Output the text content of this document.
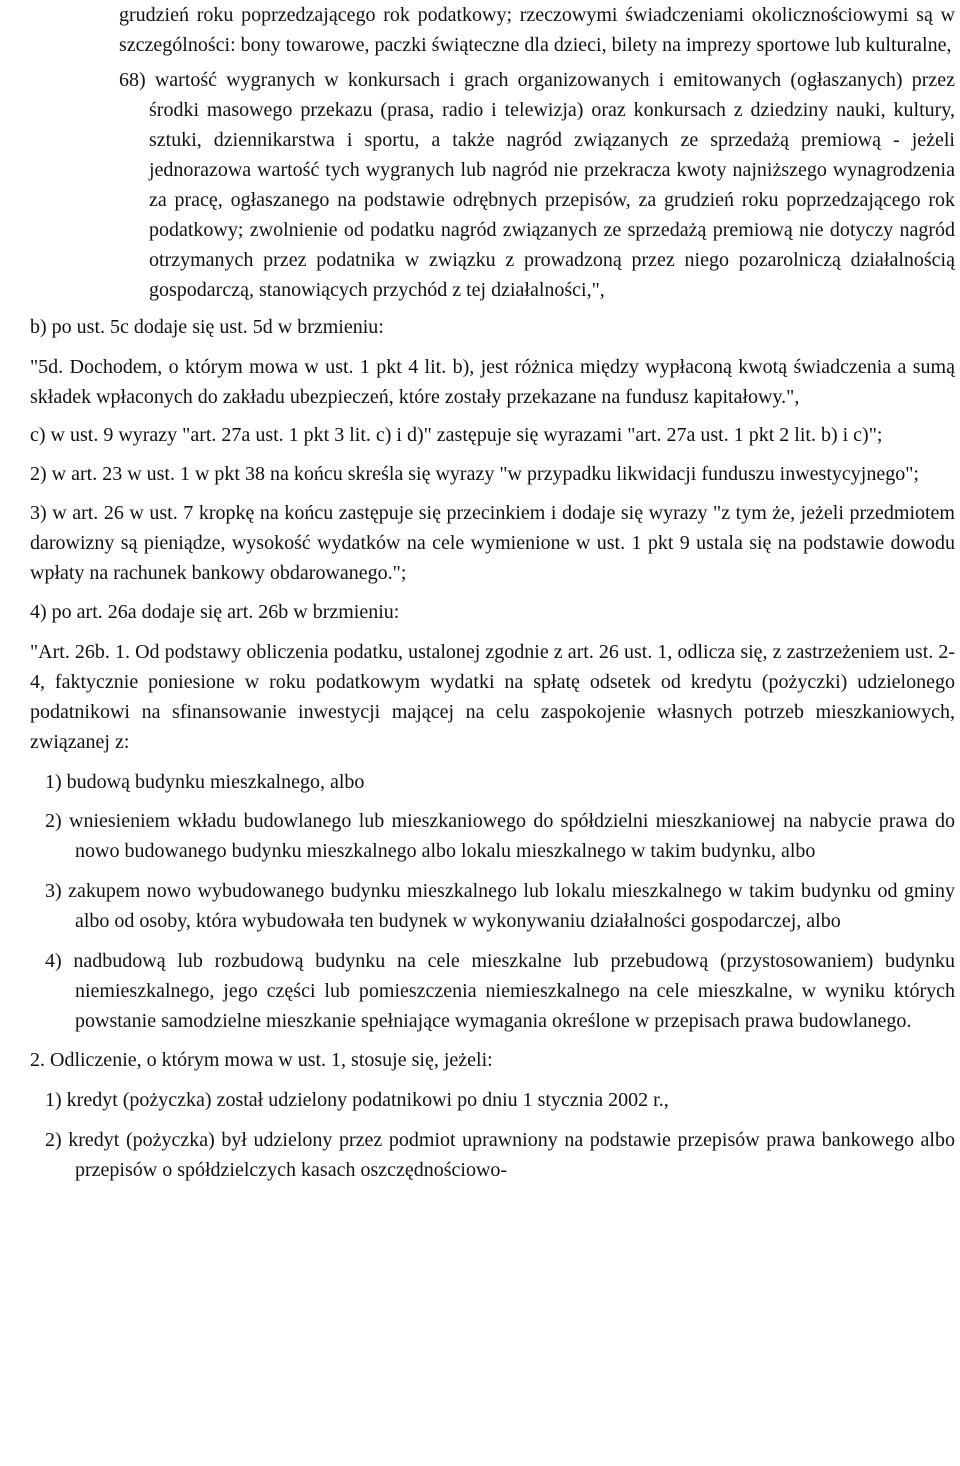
grudzień roku poprzedzającego rok podatkowy; rzeczowymi świadczeniami okolicznościowymi są w szczególności: bony towarowe, paczki świąteczne dla dzieci, bilety na imprezy sportowe lub kulturalne,

68) wartość wygranych w konkursach i grach organizowanych i emitowanych (ogłaszanych) przez środki masowego przekazu (prasa, radio i telewizja) oraz konkursach z dziedziny nauki, kultury, sztuki, dziennikarstwa i sportu, a także nagród związanych ze sprzedażą premiową - jeżeli jednorazowa wartość tych wygranych lub nagród nie przekracza kwoty najniższego wynagrodzenia za pracę, ogłaszanego na podstawie odrębnych przepisów, za grudzień roku poprzedzającego rok podatkowy; zwolnienie od podatku nagród związanych ze sprzedażą premiową nie dotyczy nagród otrzymanych przez podatnika w związku z prowadzoną przez niego pozarolniczą działalnością gospodarczą, stanowiących przychód z tej działalności,",

b) po ust. 5c dodaje się ust. 5d w brzmieniu:

"5d. Dochodem, o którym mowa w ust. 1 pkt 4 lit. b), jest różnica między wypłaconą kwotą świadczenia a sumą składek wpłaconych do zakładu ubezpieczeń, które zostały przekazane na fundusz kapitałowy.",

c) w ust. 9 wyrazy "art. 27a ust. 1 pkt 3 lit. c) i d)" zastępuje się wyrazami "art. 27a ust. 1 pkt 2 lit. b) i c)";

2) w art. 23 w ust. 1 w pkt 38 na końcu skreśla się wyrazy "w przypadku likwidacji funduszu inwestycyjnego";

3) w art. 26 w ust. 7 kropkę na końcu zastępuje się przecinkiem i dodaje się wyrazy "z tym że, jeżeli przedmiotem darowizny są pieniądze, wysokość wydatków na cele wymienione w ust. 1 pkt 9 ustala się na podstawie dowodu wpłaty na rachunek bankowy obdarowanego.";

4) po art. 26a dodaje się art. 26b w brzmieniu:

"Art. 26b. 1. Od podstawy obliczenia podatku, ustalonej zgodnie z art. 26 ust. 1, odlicza się, z zastrzeżeniem ust. 2-4, faktycznie poniesione w roku podatkowym wydatki na spłatę odsetek od kredytu (pożyczki) udzielonego podatnikowi na sfinansowanie inwestycji mającej na celu zaspokojenie własnych potrzeb mieszkaniowych, związanej z:

1) budową budynku mieszkalnego, albo

2) wniesieniem wkładu budowlanego lub mieszkaniowego do spółdzielni mieszkaniowej na nabycie prawa do nowo budowanego budynku mieszkalnego albo lokalu mieszkalnego w takim budynku, albo

3) zakupem nowo wybudowanego budynku mieszkalnego lub lokalu mieszkalnego w takim budynku od gminy albo od osoby, która wybudowała ten budynek w wykonywaniu działalności gospodarczej, albo

4) nadbudową lub rozbudową budynku na cele mieszkalne lub przebudową (przystosowaniem) budynku niemieszkalnego, jego części lub pomieszczenia niemieszkalnego na cele mieszkalne, w wyniku których powstanie samodzielne mieszkanie spełniające wymagania określone w przepisach prawa budowlanego.

2. Odliczenie, o którym mowa w ust. 1, stosuje się, jeżeli:

1) kredyt (pożyczka) został udzielony podatnikowi po dniu 1 stycznia 2002 r.,

2) kredyt (pożyczka) był udzielony przez podmiot uprawniony na podstawie przepisów prawa bankowego albo przepisów o spółdzielczych kasach oszczędnościowo-
